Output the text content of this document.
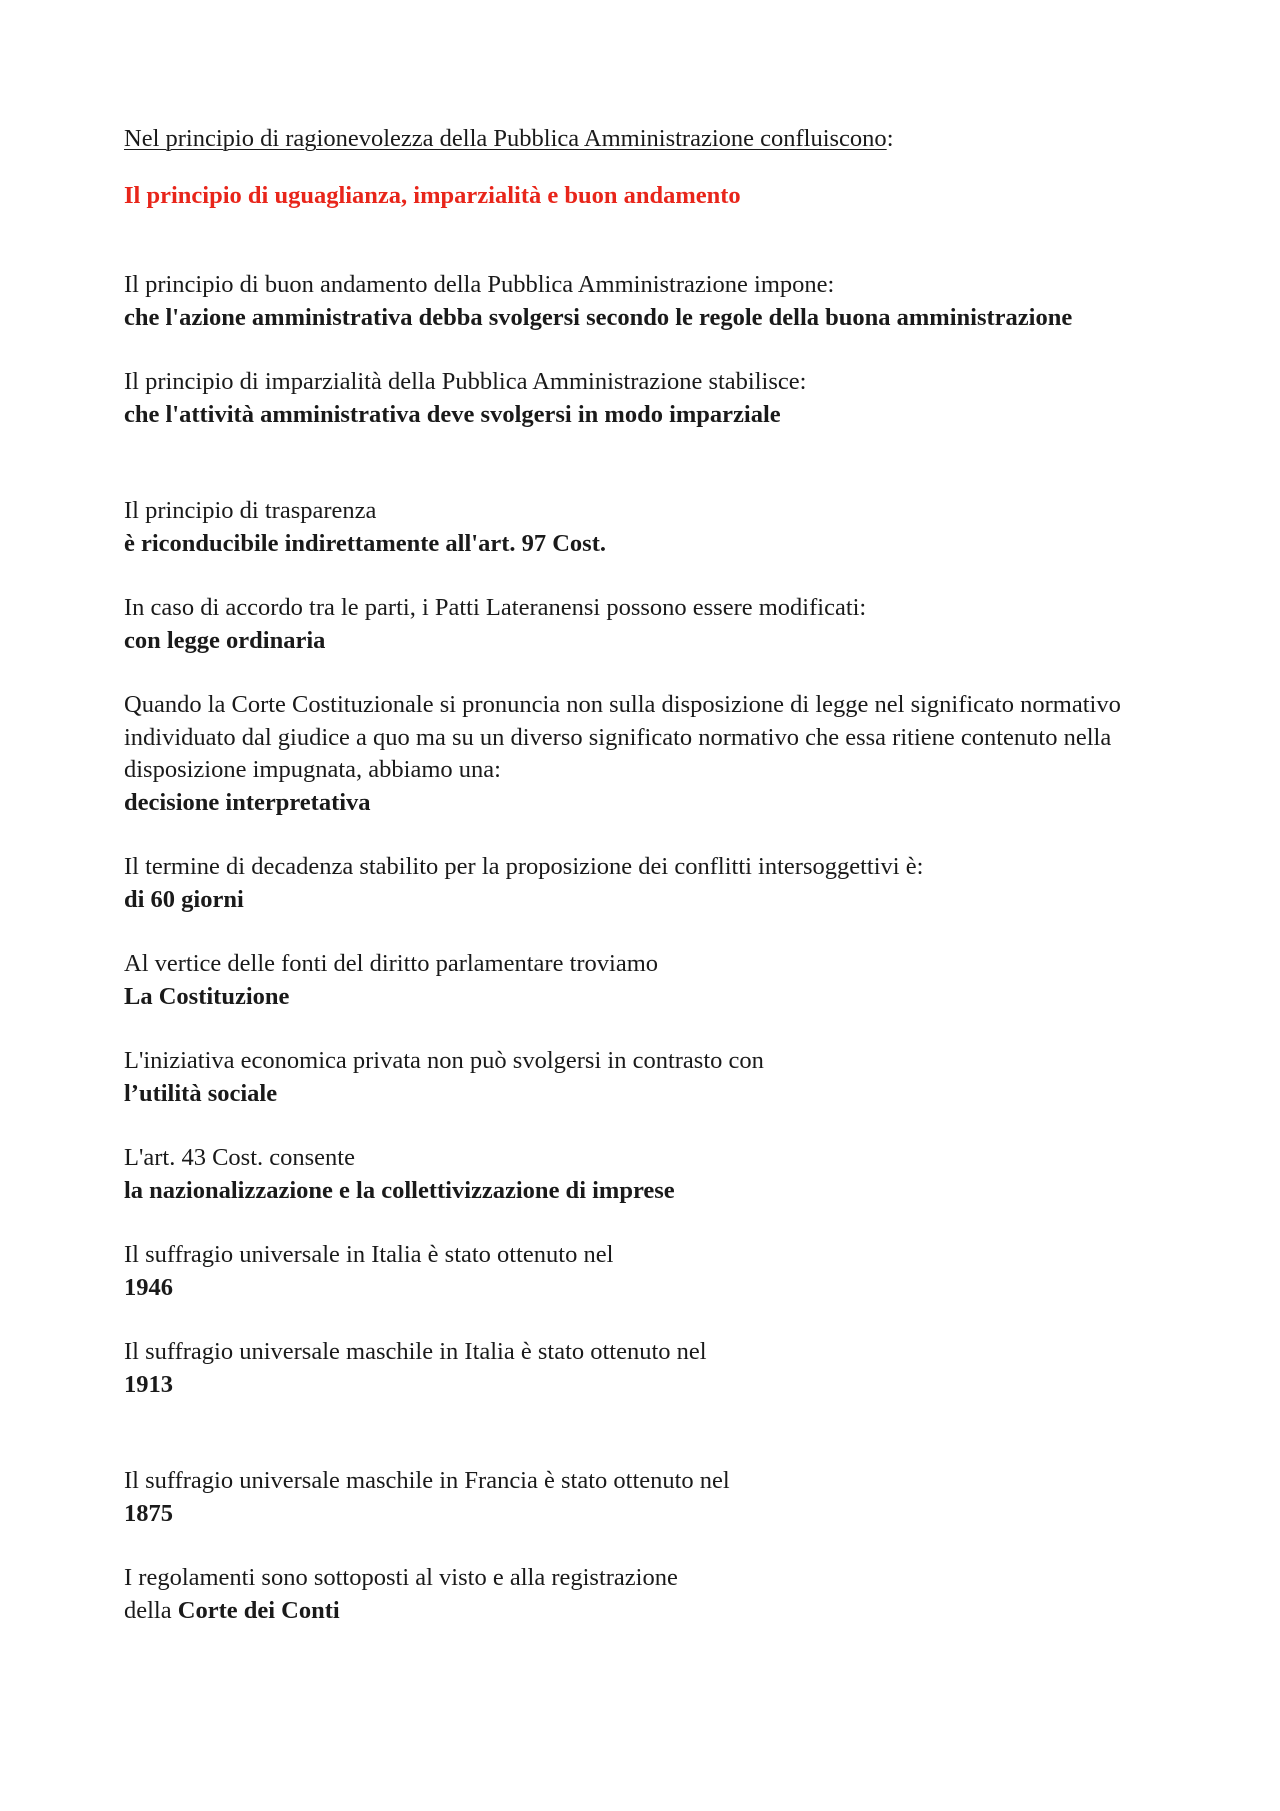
Nel principio di ragionevolezza della Pubblica Amministrazione confluiscono:

Il principio di uguaglianza, imparzialità e buon andamento

Il principio di buon andamento della Pubblica Amministrazione impone:

che l'azione amministrativa debba svolgersi secondo le regole della buona amministrazione

Il principio di imparzialità della Pubblica Amministrazione stabilisce:

che l'attività amministrativa deve svolgersi in modo imparziale

Il principio di trasparenza

è riconducibile indirettamente all'art. 97 Cost.

In caso di accordo tra le parti, i Patti Lateranensi possono essere modificati:

con legge ordinaria

Quando la Corte Costituzionale si pronuncia non sulla disposizione di legge nel significato normativo individuato dal giudice a quo ma su un diverso significato normativo che essa ritiene contenuto nella disposizione impugnata, abbiamo una:

decisione interpretativa

Il termine di decadenza stabilito per la proposizione dei conflitti intersoggettivi è:

di 60 giorni

Al vertice delle fonti del diritto parlamentare troviamo

La Costituzione

L'iniziativa economica privata non può svolgersi in contrasto con

l’utilità sociale

L'art. 43 Cost. consente

la nazionalizzazione e la collettivizzazione di imprese

Il suffragio universale in Italia è stato ottenuto nel

1946

Il suffragio universale maschile in Italia è stato ottenuto nel

1913

Il suffragio universale maschile in Francia è stato ottenuto nel

1875

I regolamenti sono sottoposti al visto e alla registrazione

della Corte dei Conti
